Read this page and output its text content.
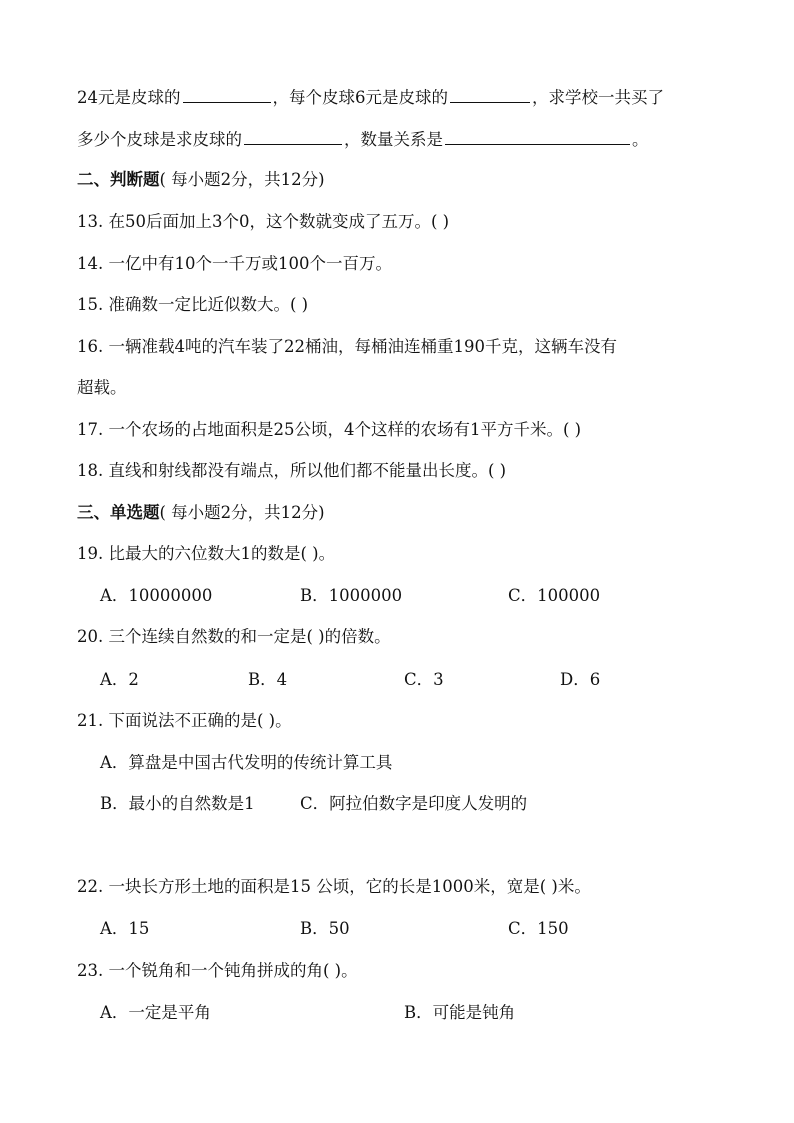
24元是皮球的	，每个皮球6元是皮球的	，求学校一共买了
多少个皮球是求皮球的	，数量关系是	。
二、判断题( 每小题2分，共12分)
13. 在50后面加上3个0，这个数就变成了五万。( )
14. 一亿中有10个一千万或100个一百万。
15. 准确数一定比近似数大。( )
16. 一辆准载4吨的汽车装了22桶油，每桶油连桶重190千克，这辆车没有
超载。
17. 一个农场的占地面积是25公顷，4个这样的农场有1平方千米。( )
18. 直线和射线都没有端点，所以他们都不能量出长度。( )
三、单选题( 每小题2分，共12分)
19. 比最大的六位数大1的数是( )。
A．10000000	B．1000000	C．100000
20. 三个连续自然数的和一定是( )的倍数。
A．2	B．4	C．3	D．6
21. 下面说法不正确的是( )。
A．算盘是中国古代发明的传统计算工具
B．最小的自然数是1	C．阿拉伯数字是印度人发明的
22. 一块长方形土地的面积是15 公顷，它的长是1000米，宽是( )米。
A．15	B．50	C．150
23. 一个锐角和一个钝角拼成的角( )。
A．一定是平角	B．可能是钝角
